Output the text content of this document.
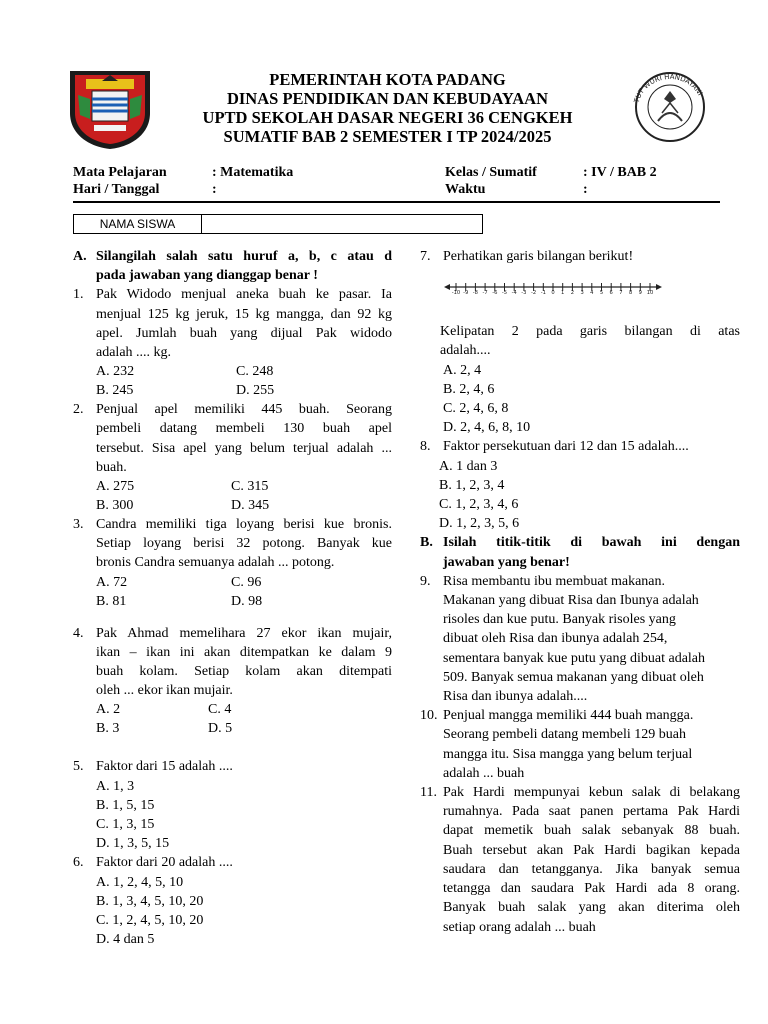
PEMERINTAH KOTA PADANG
DINAS PENDIDIKAN DAN KEBUDAYAAN
UPTD SEKOLAH DASAR NEGERI 36 CENGKEH
SUMATIF BAB 2 SEMESTER I TP 2024/2025
TUT WURI HANDAYANI
Mata Pelajaran	: Matematika
Hari / Tanggal	:
Kelas / Sumatif	: IV / BAB 2
Waktu	:
NAMA SISWA
A. Silangilah salah satu huruf a, b, c atau d

pada jawaban yang dianggap benar !

1. Pak Widodo menjual aneka buah ke pasar. Ia

menjual 125 kg jeruk, 15 kg mangga, dan 92 kg

apel. Jumlah buah yang dijual Pak widodo

adalah .... kg.

A. 232	C. 248
B. 245	D. 255
2. Penjual apel memiliki 445 buah. Seorang

pembeli datang membeli 130 buah apel

tersebut. Sisa apel yang belum terjual adalah ...

buah.

A. 275	C. 315
B. 300	D. 345
3. Candra memiliki tiga loyang berisi kue bronis.

Setiap loyang berisi 32 potong. Banyak kue

bronis Candra semuanya adalah ... potong.

A. 72	C. 96
B. 81	D. 98
4. Pak Ahmad memelihara 27 ekor ikan mujair,

ikan – ikan ini akan ditempatkan ke dalam 9

buah kolam. Setiap kolam akan ditempati

oleh ... ekor ikan mujair.

A. 2	C. 4
B. 3	D. 5
5. Faktor dari 15 adalah ....

A. 1, 3

B. 1, 5, 15

C. 1, 3, 15

D. 1, 3, 5, 15

6. Faktor dari 20 adalah ....

A. 1, 2, 4, 5, 10

B. 1, 3, 4, 5, 10, 20

C. 1, 2, 4, 5, 10, 20

D. 4 dan 5

7. Perhatikan garis bilangan berikut!

-10 -9 -8 -7 -6 -5 -4 -3 -2 -1 0 1 2 3 4 5 6 7 8 9 10

Kelipatan 2 pada garis bilangan di atas

adalah....

A. 2, 4

B. 2, 4, 6

C. 2, 4, 6, 8

D. 2, 4, 6, 8, 10

8. Faktor persekutuan dari 12 dan 15 adalah....

A. 1 dan 3

B. 1, 2, 3, 4

C. 1, 2, 3, 4, 6

D. 1, 2, 3, 5, 6

B. Isilah titik-titik di bawah ini dengan

jawaban yang benar!

9. Risa membantu ibu membuat makanan.

Makanan yang dibuat Risa dan Ibunya adalah

risoles dan kue putu. Banyak risoles yang

dibuat oleh Risa dan ibunya adalah 254,

sementara banyak kue putu yang dibuat adalah

509. Banyak semua makanan yang dibuat oleh

Risa dan ibunya adalah....

10. Penjual mangga memiliki 444 buah mangga.

Seorang pembeli datang membeli 129 buah

mangga itu. Sisa mangga yang belum terjual

adalah ... buah

11. Pak Hardi mempunyai kebun salak di belakang

rumahnya. Pada saat panen pertama Pak Hardi

dapat memetik buah salak sebanyak 88 buah.

Buah tersebut akan Pak Hardi bagikan kepada

saudara dan tetangganya. Jika banyak semua

tetangga dan saudara Pak Hardi ada 8 orang.

Banyak buah salak yang akan diterima oleh

setiap orang adalah ... buah
